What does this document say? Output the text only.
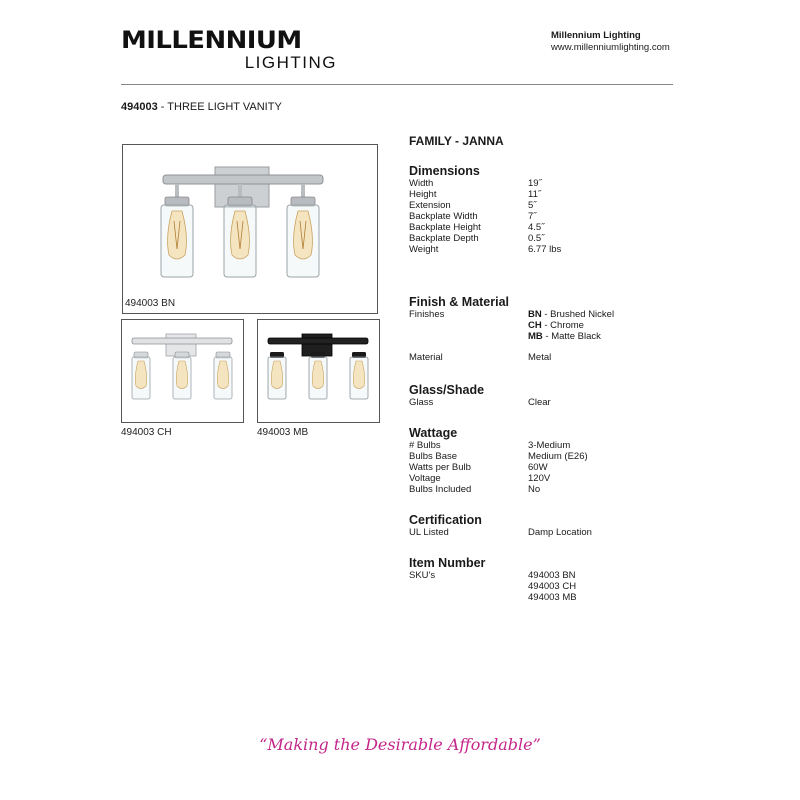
MILLENNIUM
LIGHTING
Millennium Lighting
www.millenniumlighting.com
494003 - THREE LIGHT VANITY
494003 BN
494003 CH	494003 MB
FAMILY - JANNA
Dimensions
Width	19˝
Height	11˝
Extension	5˝
Backplate Width	7˝
Backplate Height	4.5˝
Backplate Depth	0.5˝
Weight	6.77 lbs
Finish & Material
Finishes	BN - Brushed Nickel
CH - Chrome
MB - Matte Black
Material	Metal
Glass/Shade
Glass	Clear
Wattage
# Bulbs	3-Medium
Bulbs Base	Medium (E26)
Watts per Bulb	60W
Voltage	120V
Bulbs Included	No
Certification
UL Listed	Damp Location
Item Number
SKU's	494003 BN
494003 CH
494003 MB
“Making the Desirable Affordable”
